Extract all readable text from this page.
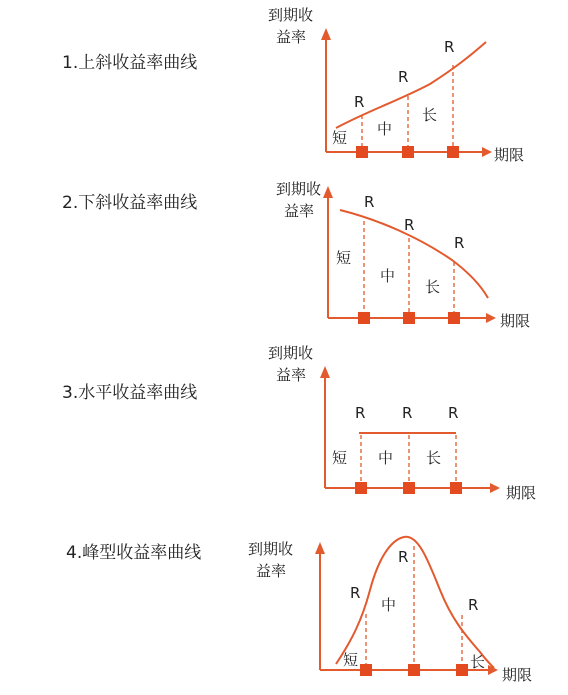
1.上斜收益率曲线
到期收
益率
期限
R
R
R
短 中
长
2.下斜收益率曲线
到期收
益率
期限
R
R
R
短
中
长
3.水平收益率曲线
到期收
益率
期限
R R R
短 中 长
4.峰型收益率曲线	到期收
益率
期限
R
R
R
短
中
长
